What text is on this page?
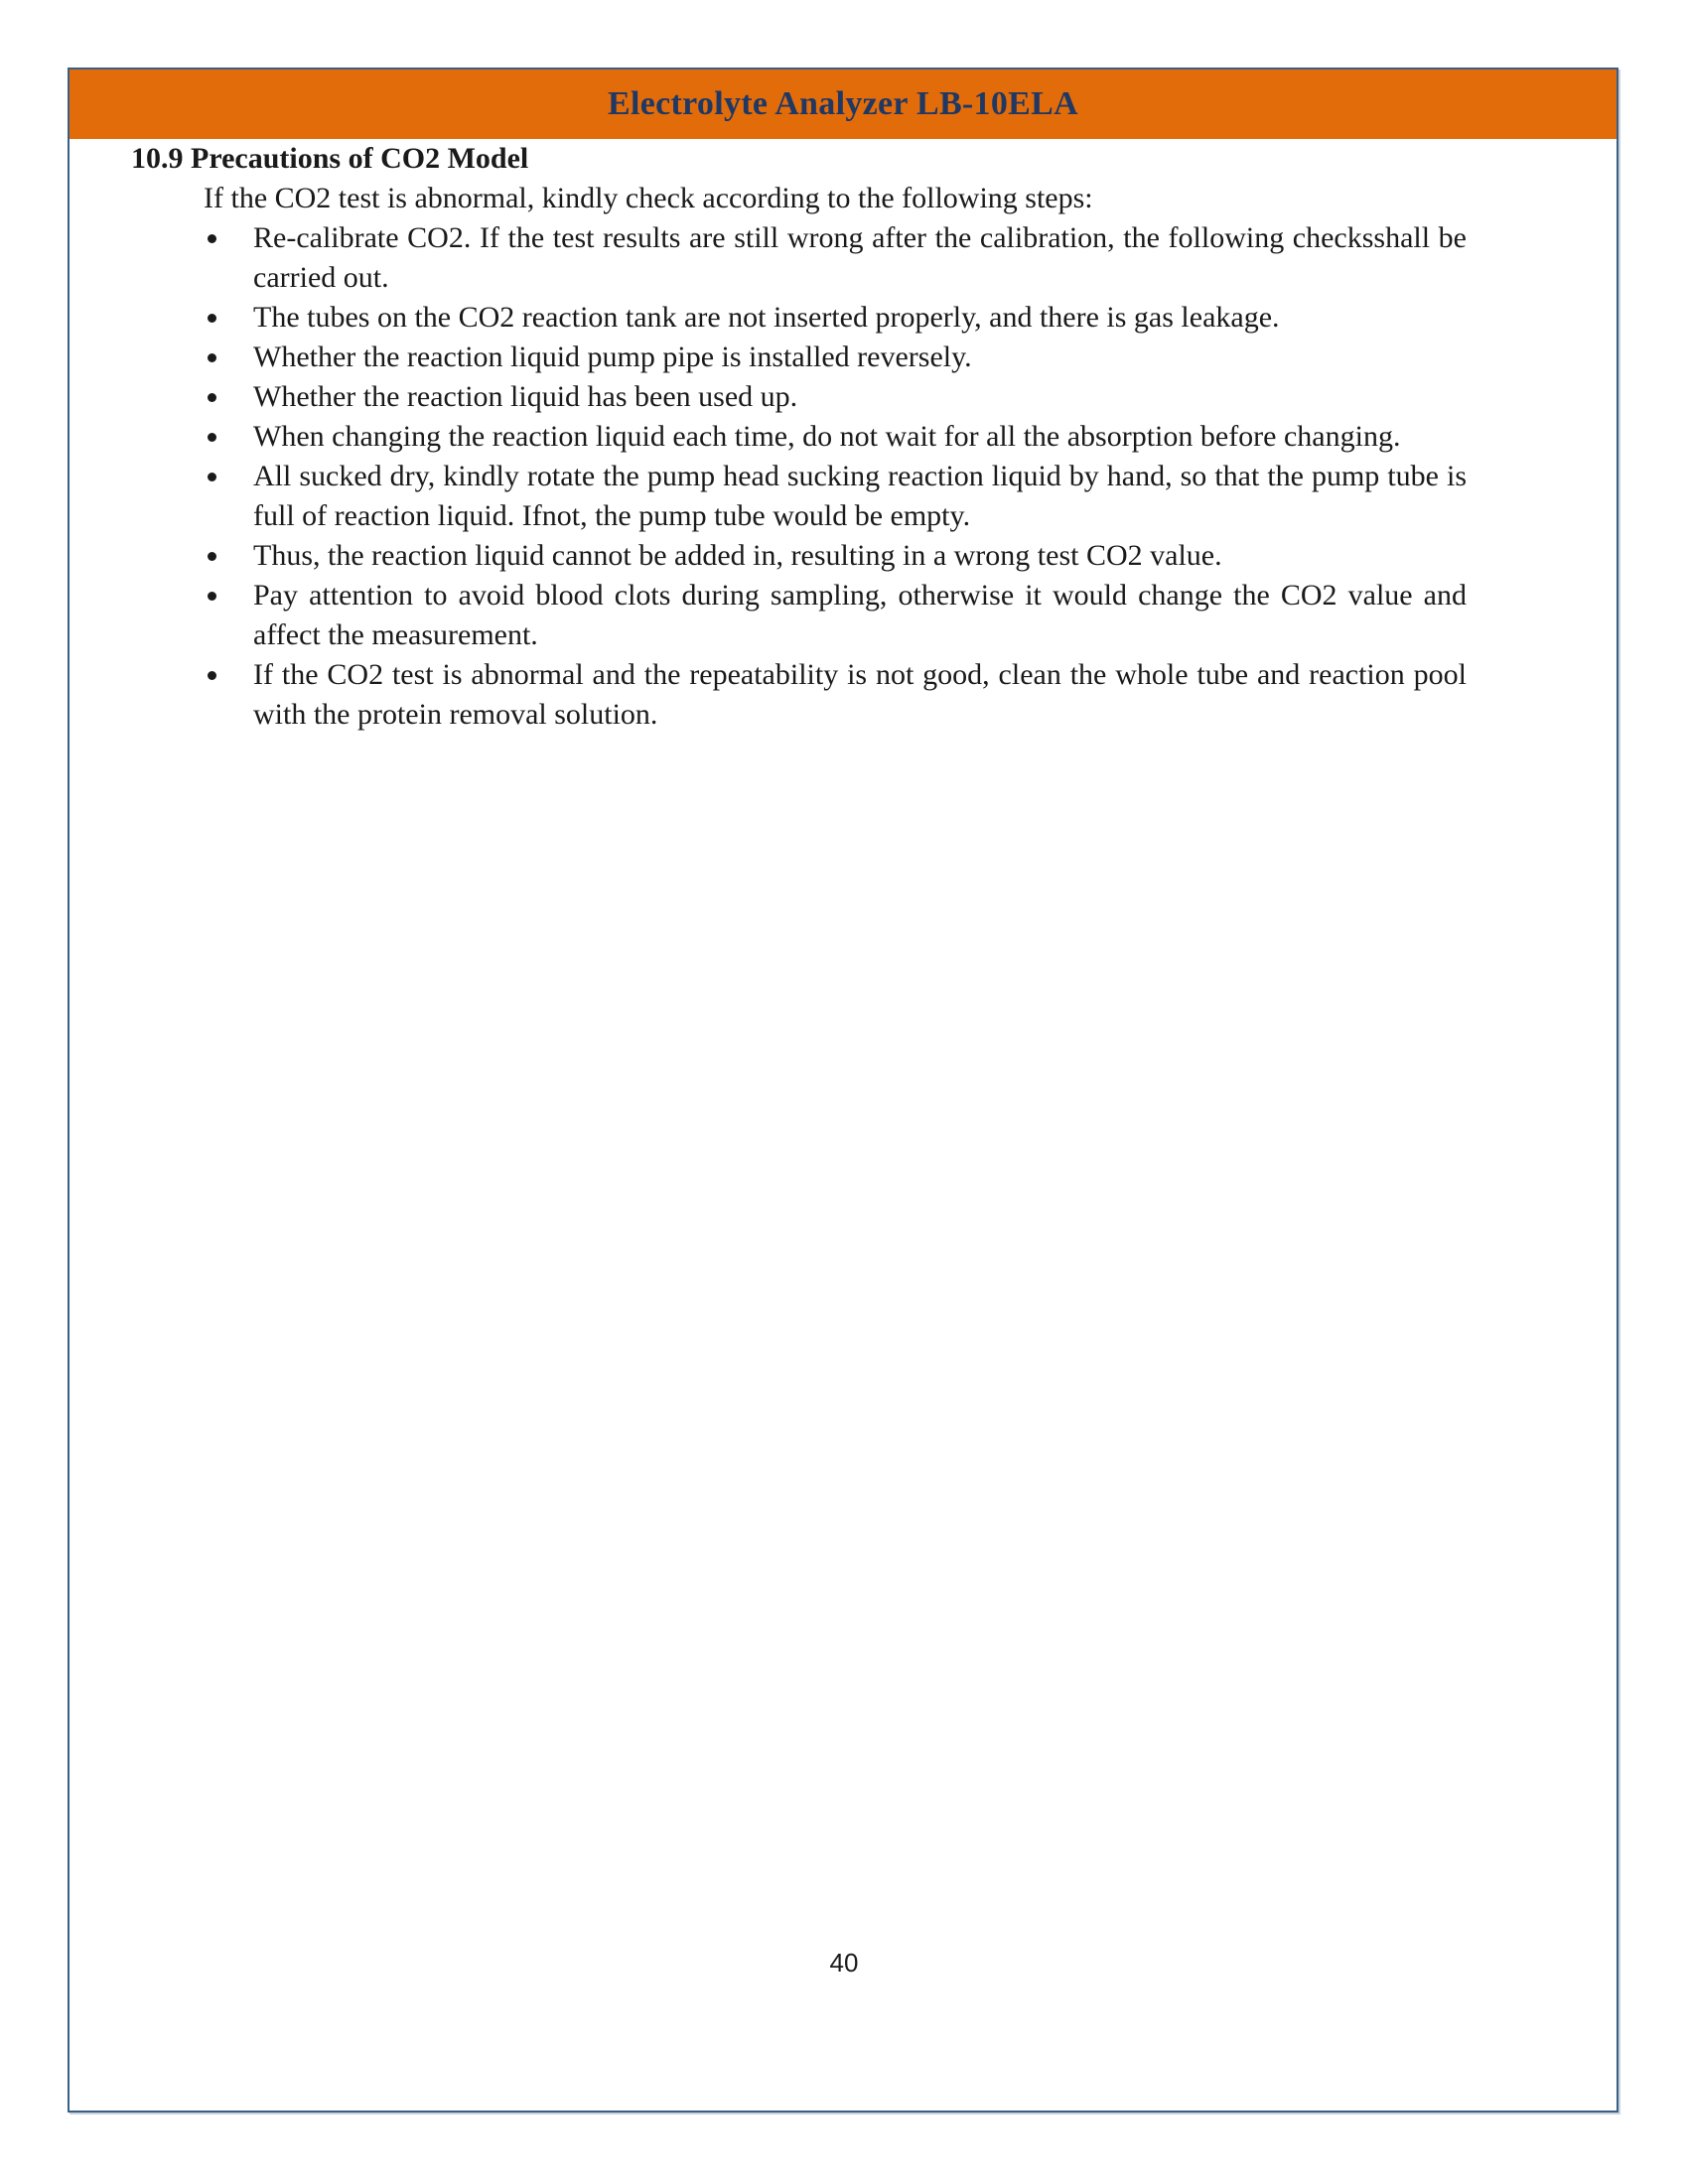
Electrolyte Analyzer LB-10ELA

10.9 Precautions of CO2 Model

If the CO2 test is abnormal, kindly check according to the following steps:

Re-calibrate CO2. If the test results are still wrong after the calibration, the following checksshall be carried out.
The tubes on the CO2 reaction tank are not inserted properly, and there is gas leakage.
Whether the reaction liquid pump pipe is installed reversely.
Whether the reaction liquid has been used up.
When changing the reaction liquid each time, do not wait for all the absorption before changing.
All sucked dry, kindly rotate the pump head sucking reaction liquid by hand, so that the pump tube is full of reaction liquid. Ifnot, the pump tube would be empty.
Thus, the reaction liquid cannot be added in, resulting in a wrong test CO2 value.
Pay attention to avoid blood clots during sampling, otherwise it would change the CO2 value and affect the measurement.
If the CO2 test is abnormal and the repeatability is not good, clean the whole tube and reaction pool with the protein removal solution.
40
